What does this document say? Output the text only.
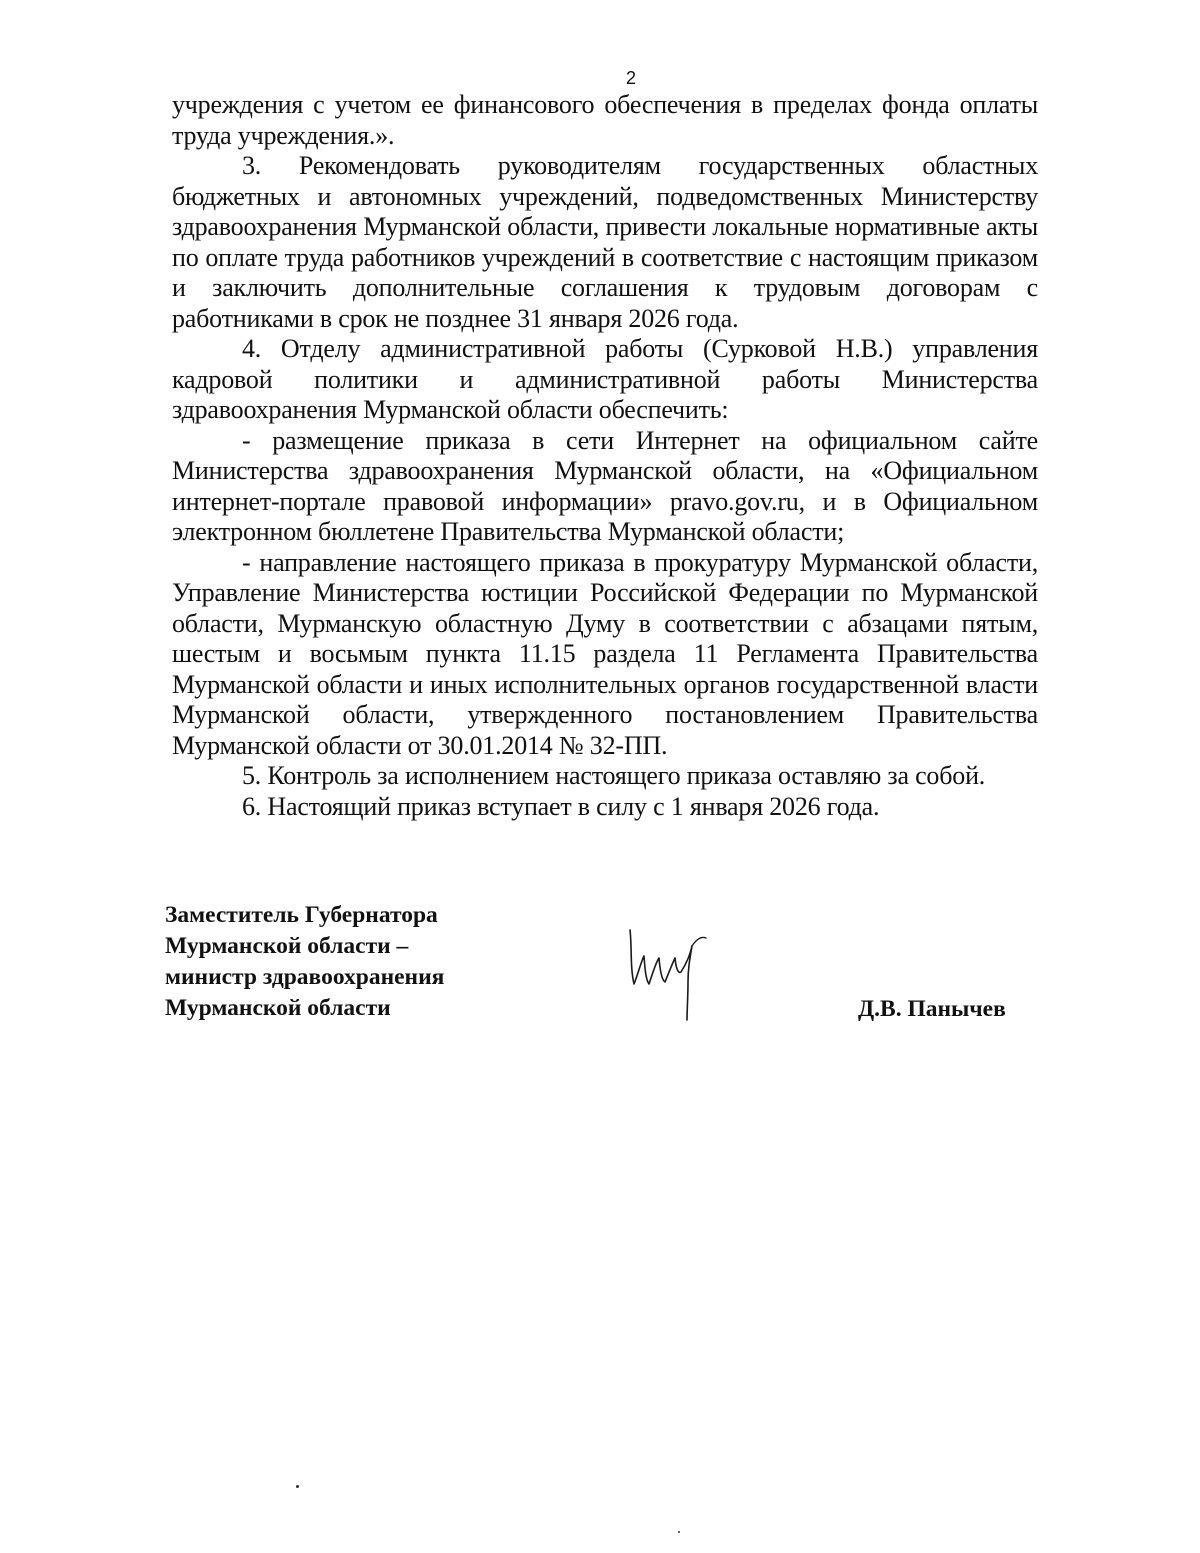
2

учреждения с учетом ее финансового обеспечения в пределах фонда оплаты труда учреждения.».

3. Рекомендовать руководителям государственных областных бюджетных и автономных учреждений, подведомственных Министерству здравоохранения Мурманской области, привести локальные нормативные акты по оплате труда работников учреждений в соответствие с настоящим приказом и заключить дополнительные соглашения к трудовым договорам с работниками в срок не позднее 31 января 2026 года.

4. Отделу административной работы (Сурковой Н.В.) управления кадровой политики и административной работы Министерства здравоохранения Мурманской области обеспечить:

- размещение приказа в сети Интернет на официальном сайте Министерства здравоохранения Мурманской области, на «Официальном интернет-портале правовой информации» pravo.gov.ru, и в Официальном электронном бюллетене Правительства Мурманской области;

- направление настоящего приказа в прокуратуру Мурманской области, Управление Министерства юстиции Российской Федерации по Мурманской области, Мурманскую областную Думу в соответствии с абзацами пятым, шестым и восьмым пункта 11.15 раздела 11 Регламента Правительства Мурманской области и иных исполнительных органов государственной власти Мурманской области, утвержденного постановлением Правительства Мурманской области от 30.01.2014 № 32-ПП.

5. Контроль за исполнением настоящего приказа оставляю за собой.

6. Настоящий приказ вступает в силу с 1 января 2026 года.

Заместитель Губернатора
Мурманской области –
министр здравоохранения
Мурманской области	Д.В. Панычев
